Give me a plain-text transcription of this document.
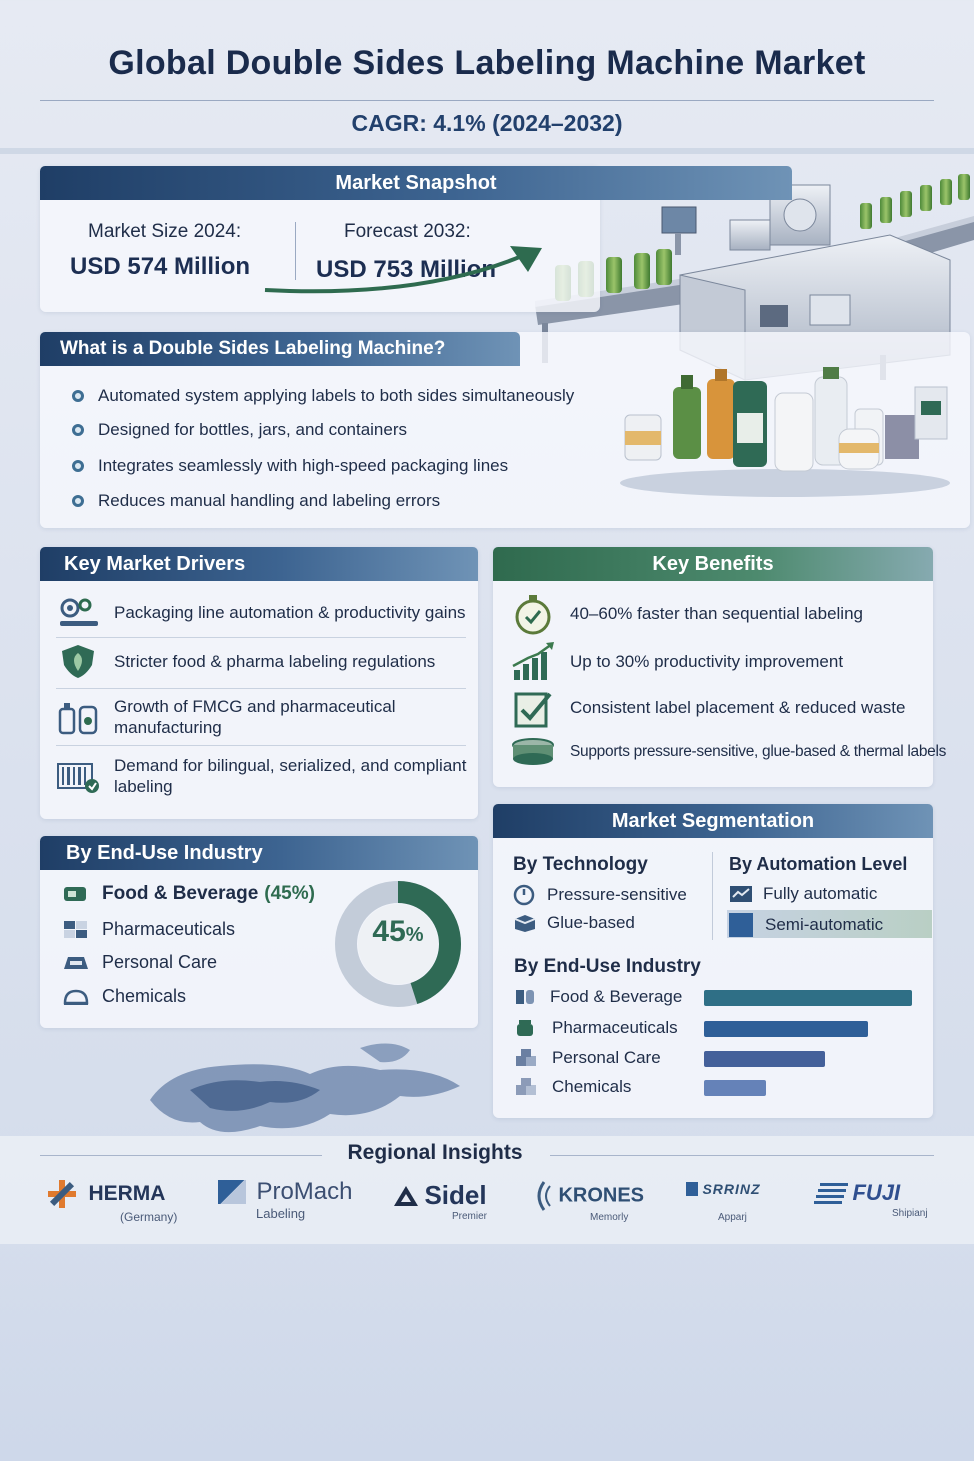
Global Double Sides Labeling Machine Market
CAGR: 4.1% (2024–2032)
Market Snapshot
Market Size 2024:
USD 574 Million
Forecast 2032:
USD 753 Million
What is a Double Sides Labeling Machine?
Automated system applying labels to both sides simultaneously
Designed for bottles, jars, and containers
Integrates seamlessly with high-speed packaging lines
Reduces manual handling and labeling errors
Key Market Drivers
Packaging line automation & productivity gains
Stricter food & pharma labeling regulations
Growth of FMCG and pharmaceutical manufacturing
Demand for bilingual, serialized, and compliant labeling
Key Benefits
40–60% faster than sequential labeling
Up to 30% productivity improvement
Consistent label placement & reduced waste
Supports pressure-sensitive, glue-based & thermal labels
By End-Use Industry
Food & Beverage (45%)
Pharmaceuticals
Personal Care
Chemicals
45%
Market Segmentation
By Technology
Pressure-sensitive
Glue-based
By Automation Level
Fully automatic
Semi-automatic
By End-Use Industry
Food & Beverage
Pharmaceuticals
Personal Care
Chemicals
Regional Insights
HERMA
(Germany)
ProMach
Labeling
Sidel
Premier
KRONES
Memorly
SRRINZ
Apparj
FUJI
Shipianj
